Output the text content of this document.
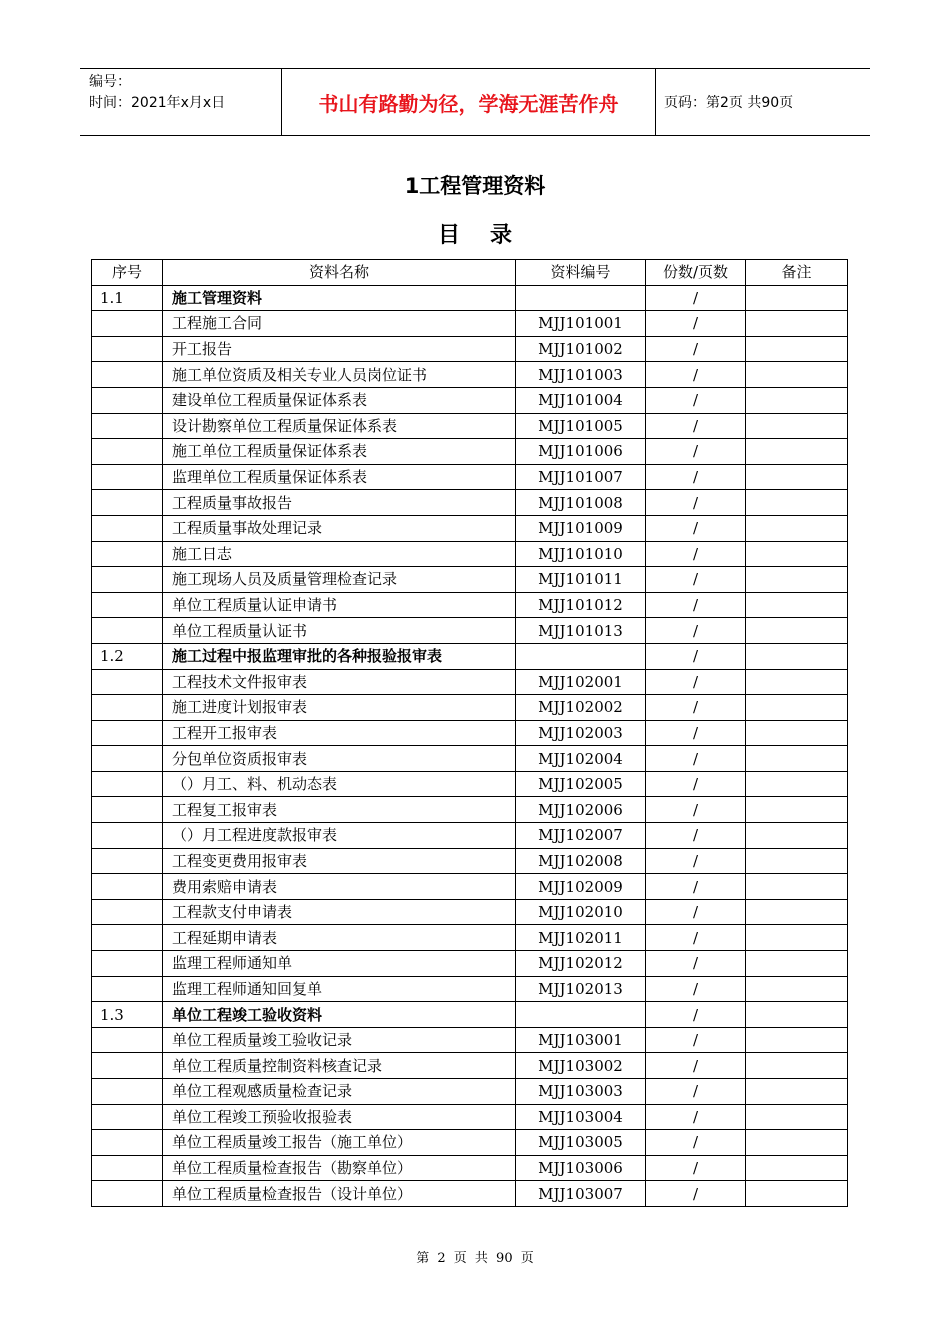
编号：
时间：2021年x月x日	书山有路勤为径，学海无涯苦作舟	页码：第2页 共90页
1工程管理资料
目录
序号	资料名称	资料编号	份数/页数	备注
1.1	施工管理资料		/	
	工程施工合同	MJJ101001	/	
	开工报告	MJJ101002	/	
	施工单位资质及相关专业人员岗位证书	MJJ101003	/	
	建设单位工程质量保证体系表	MJJ101004	/	
	设计勘察单位工程质量保证体系表	MJJ101005	/	
	施工单位工程质量保证体系表	MJJ101006	/	
	监理单位工程质量保证体系表	MJJ101007	/	
	工程质量事故报告	MJJ101008	/	
	工程质量事故处理记录	MJJ101009	/	
	施工日志	MJJ101010	/	
	施工现场人员及质量管理检查记录	MJJ101011	/	
	单位工程质量认证申请书	MJJ101012	/	
	单位工程质量认证书	MJJ101013	/	
1.2	施工过程中报监理审批的各种报验报审表		/	
	工程技术文件报审表	MJJ102001	/	
	施工进度计划报审表	MJJ102002	/	
	工程开工报审表	MJJ102003	/	
	分包单位资质报审表	MJJ102004	/	
	（）月工、料、机动态表	MJJ102005	/	
	工程复工报审表	MJJ102006	/	
	（）月工程进度款报审表	MJJ102007	/	
	工程变更费用报审表	MJJ102008	/	
	费用索赔申请表	MJJ102009	/	
	工程款支付申请表	MJJ102010	/	
	工程延期申请表	MJJ102011	/	
	监理工程师通知单	MJJ102012	/	
	监理工程师通知回复单	MJJ102013	/	
1.3	单位工程竣工验收资料		/	
	单位工程质量竣工验收记录	MJJ103001	/	
	单位工程质量控制资料核查记录	MJJ103002	/	
	单位工程观感质量检查记录	MJJ103003	/	
	单位工程竣工预验收报验表	MJJ103004	/	
	单位工程质量竣工报告（施工单位）	MJJ103005	/	
	单位工程质量检查报告（勘察单位）	MJJ103006	/	
	单位工程质量检查报告（设计单位）	MJJ103007	/	
第 2 页 共 90 页
